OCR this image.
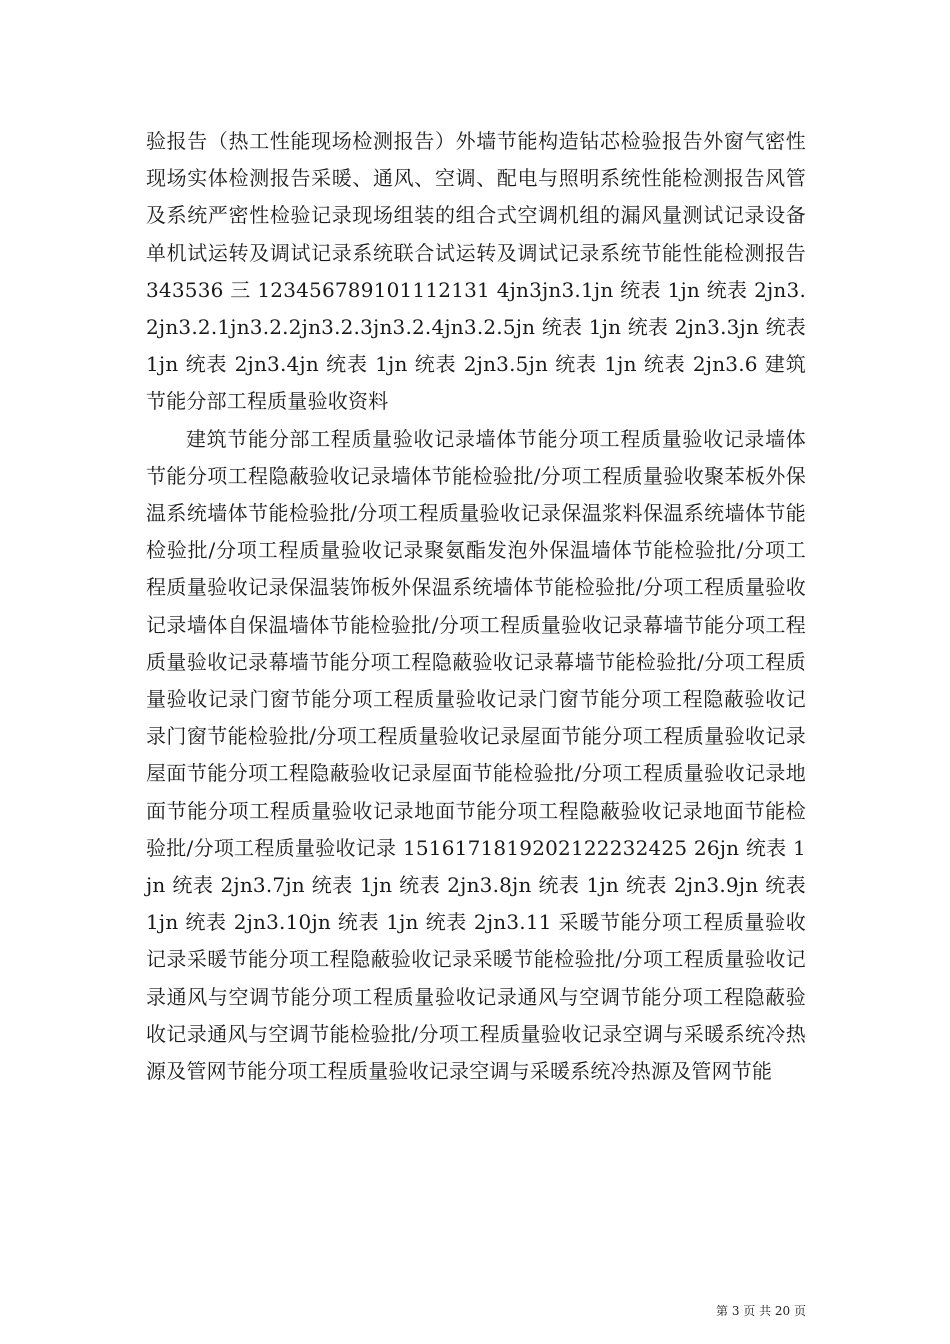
验报告（热工性能现场检测报告）外墙节能构造钻芯检验报告外窗气密性现场实体检测报告采暖、通风、空调、配电与照明系统性能检测报告风管及系统严密性检验记录现场组装的组合式空调机组的漏风量测试记录设备单机试运转及调试记录系统联合试运转及调试记录系统节能性能检测报告 343536 三 123456789101112131 4jn3jn3.1jn 统表 1jn 统表 2jn3.2jn3.2.1jn3.2.2jn3.2.3jn3.2.4jn3.2.5jn 统表 1jn 统表 2jn3.3jn 统表 1jn 统表 2jn3.4jn 统表 1jn 统表 2jn3.5jn 统表 1jn 统表 2jn3.6 建筑节能分部工程质量验收资料

建筑节能分部工程质量验收记录墙体节能分项工程质量验收记录墙体节能分项工程隐蔽验收记录墙体节能检验批/分项工程质量验收聚苯板外保温系统墙体节能检验批/分项工程质量验收记录保温浆料保温系统墙体节能检验批/分项工程质量验收记录聚氨酯发泡外保温墙体节能检验批/分项工程质量验收记录保温装饰板外保温系统墙体节能检验批/分项工程质量验收记录墙体自保温墙体节能检验批/分项工程质量验收记录幕墙节能分项工程质量验收记录幕墙节能分项工程隐蔽验收记录幕墙节能检验批/分项工程质量验收记录门窗节能分项工程质量验收记录门窗节能分项工程隐蔽验收记录门窗节能检验批/分项工程质量验收记录屋面节能分项工程质量验收记录屋面节能分项工程隐蔽验收记录屋面节能检验批/分项工程质量验收记录地面节能分项工程质量验收记录地面节能分项工程隐蔽验收记录地面节能检验批/分项工程质量验收记录 1516171819202122232425 26jn 统表 1jn 统表 2jn3.7jn 统表 1jn 统表 2jn3.8jn 统表 1jn 统表 2jn3.9jn 统表 1jn 统表 2jn3.10jn 统表 1jn 统表 2jn3.11 采暖节能分项工程质量验收记录采暖节能分项工程隐蔽验收记录采暖节能检验批/分项工程质量验收记录通风与空调节能分项工程质量验收记录通风与空调节能分项工程隐蔽验收记录通风与空调节能检验批/分项工程质量验收记录空调与采暖系统冷热源及管网节能分项工程质量验收记录空调与采暖系统冷热源及管网节能

第 3 页 共 20 页
